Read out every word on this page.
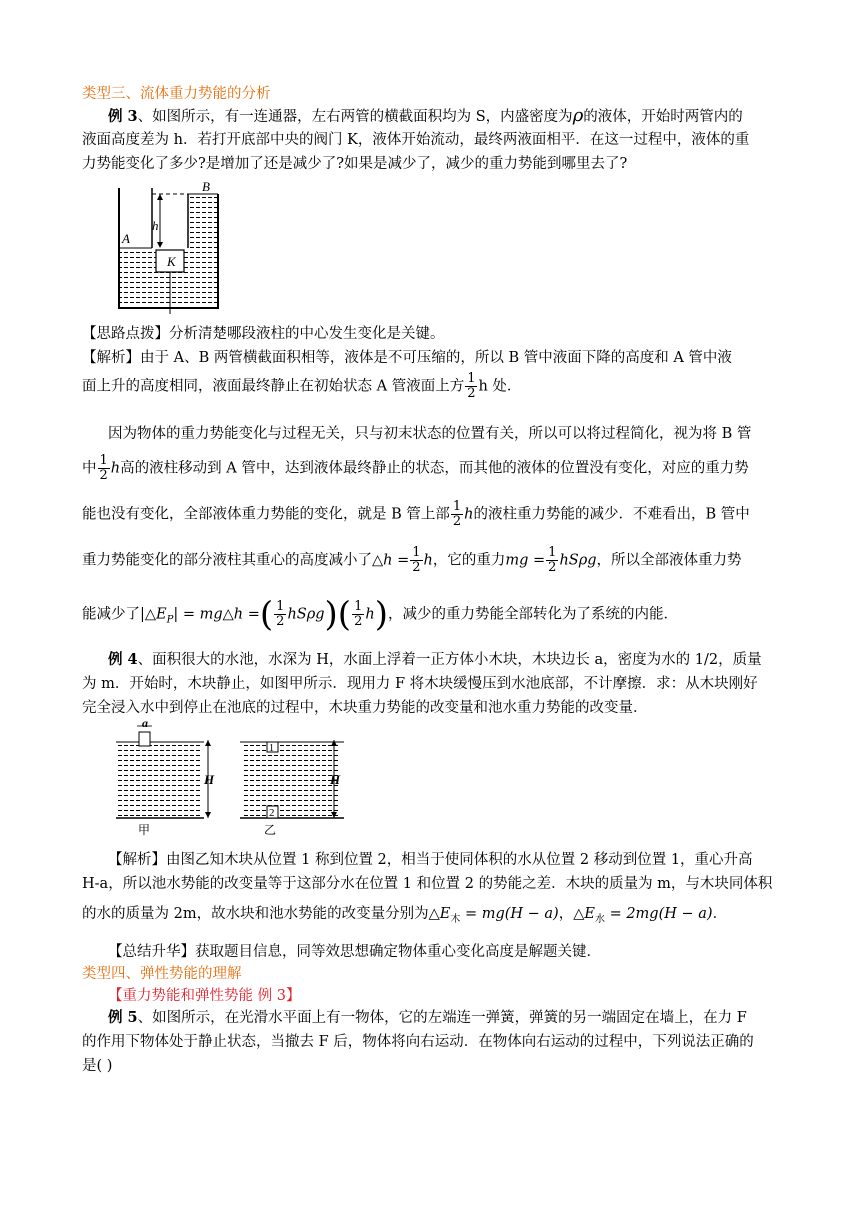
类型三、流体重力势能的分析
例 3、如图所示，有一连通器，左右两管的横截面积均为 S，内盛密度为ρ的液体，开始时两管内的
液面高度差为 h．若打开底部中央的阀门 K，液体开始流动，最终两液面相平．在这一过程中，液体的重
力势能变化了多少?是增加了还是减少了?如果是减少了，减少的重力势能到哪里去了?
h
A
B
K
【思路点拨】分析清楚哪段液柱的中心发生变化是关键。
【解析】由于 A、B 两管横截面积相等，液体是不可压缩的，所以 B 管中液面下降的高度和 A 管中液
面上升的高度相同，液面最终静止在初始状态 A 管液面上方 $\frac{1}{2}$ h 处．
因为物体的重力势能变化与过程无关，只与初末状态的位置有关，所以可以将过程简化，视为将 B 管
中 $\frac{1}{2}$ h高的液柱移动到 A 管中，达到液体最终静止的状态，而其他的液体的位置没有变化，对应的重力势
能也没有变化，全部液体重力势能的变化，就是 B 管上部 $\frac{1}{2}$ h的液柱重力势能的减少．不难看出，B 管中
重力势能变化的部分液柱其重心的高度减小了△h = $\frac{1}{2}$ h，它的重力mg = $\frac{1}{2}$ hSρg，所以全部液体重力势
能减少了$|\triangle E_P|$ = mg△h =( $\frac{1}{2} hS\rho g)( \frac{1}{2} h)$，减少的重力势能全部转化为了系统的内能．
例 4、面积很大的水池，水深为 H，水面上浮着一正方体小木块，木块边长 a，密度为水的 1/2，质量
为 m．开始时，木块静止，如图甲所示．现用力 F 将木块缓慢压到水池底部，不计摩擦．求：从木块刚好
完全浸入水中到停止在池底的过程中，木块重力势能的改变量和池水重力势能的改变量．
a
H	H
1
2
甲	乙
【解析】由图乙知木块从位置 1 称到位置 2，相当于使同体积的水从位置 2 移动到位置 1，重心升高
H-a，所以池水势能的改变量等于这部分水在位置 1 和位置 2 的势能之差．木块的质量为 m，与木块同体积
的水的质量为 2m，故水块和池水势能的改变量分别为$\triangle E_木 = mg(H - a)$，$\triangle E_水 = 2mg(H - a)$．
【总结升华】获取题目信息，同等效思想确定物体重心变化高度是解题关键．
类型四、弹性势能的理解
【重力势能和弹性势能 例 3】
例 5、如图所示，在光滑水平面上有一物体，它的左端连一弹簧，弹簧的另一端固定在墙上，在力 F
的作用下物体处于静止状态，当撤去 F 后，物体将向右运动．在物体向右运动的过程中，下列说法正确的
是( )
